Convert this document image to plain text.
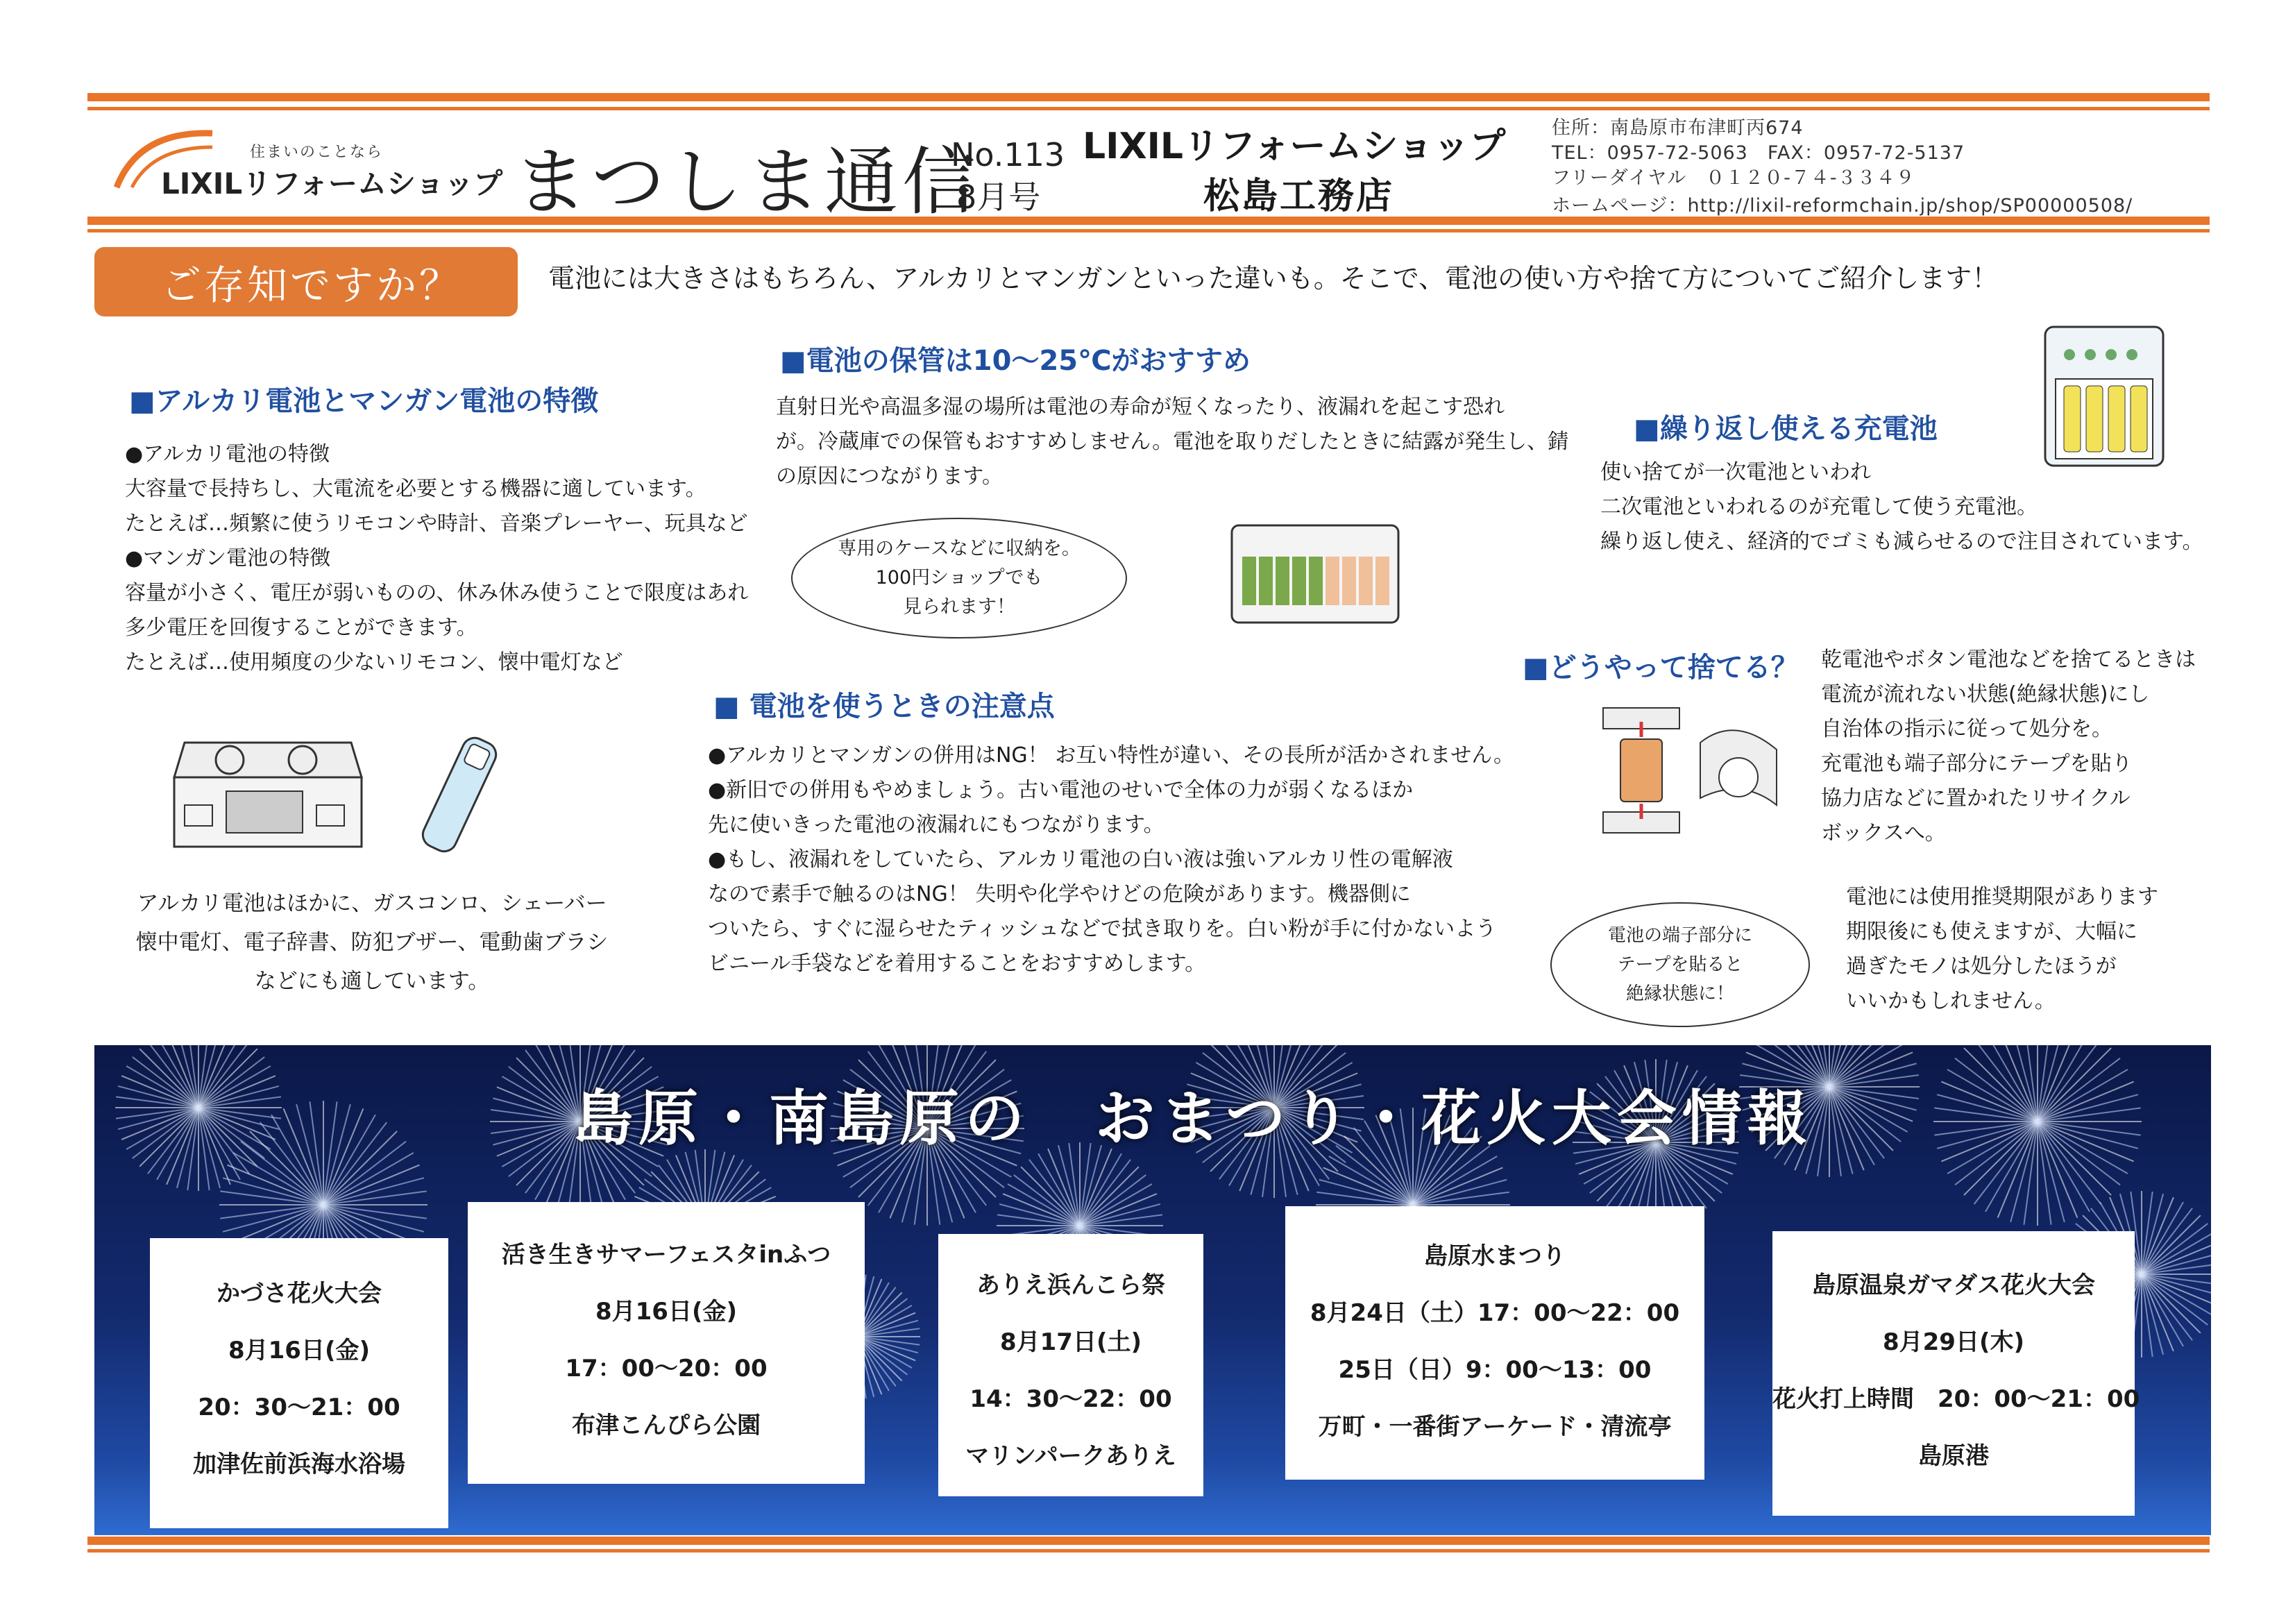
住まいのことなら
LIXILリフォームショップ まつしま通信
No.113
8月号
LIXILリフォームショップ
松島工務店
住所：南島原市布津町丙674
TEL：0957-72-5063　FAX：0957-72-5137
フリーダイヤル　０１２０-７４-３３４９
ホームページ：http://lixil-reformchain.jp/shop/SP00000508/
ご存知ですか？	電池には大きさはもちろん、アルカリとマンガンといった違いも。そこで、電池の使い方や捨て方についてご紹介します！
■アルカリ電池とマンガン電池の特徴
●アルカリ電池の特徴
大容量で長持ちし、大電流を必要とする機器に適しています。
たとえば…頻繁に使うリモコンや時計、音楽プレーヤー、玩具など
●マンガン電池の特徴
容量が小さく、電圧が弱いものの、休み休み使うことで限度はあれ
多少電圧を回復することができます。
たとえば…使用頻度の少ないリモコン、懐中電灯など
アルカリ電池はほかに、ガスコンロ、シェーバー
懐中電灯、電子辞書、防犯ブザー、電動歯ブラシ
などにも適しています。
■電池の保管は10～25℃がおすすめ
直射日光や高温多湿の場所は電池の寿命が短くなったり、液漏れを起こす恐れ
が。冷蔵庫での保管もおすすめしません。電池を取りだしたときに結露が発生し、錆
の原因につながります。
専用のケースなどに収納を。
100円ショップでも
見られます！
■ 電池を使うときの注意点
●アルカリとマンガンの併用はNG！ お互い特性が違い、その長所が活かされません。
●新旧での併用もやめましょう。古い電池のせいで全体の力が弱くなるほか
先に使いきった電池の液漏れにもつながります。
●もし、液漏れをしていたら、アルカリ電池の白い液は強いアルカリ性の電解液
なので素手で触るのはNG！ 失明や化学やけどの危険があります。機器側に
ついたら、すぐに湿らせたティッシュなどで拭き取りを。白い粉が手に付かないよう
ビニール手袋などを着用することをおすすめします。
■繰り返し使える充電池
使い捨てが一次電池といわれ
二次電池といわれるのが充電して使う充電池。
繰り返し使え、経済的でゴミも減らせるので注目されています。
■どうやって捨てる？ 乾電池やボタン電池などを捨てるときは
電流が流れない状態(絶縁状態)にし
自治体の指示に従って処分を。
充電池も端子部分にテープを貼り
協力店などに置かれたリサイクル
ボックスへ。
電池の端子部分に
テープを貼ると
絶縁状態に！
電池には使用推奨期限があります
期限後にも使えますが、大幅に
過ぎたモノは処分したほうが
いいかもしれません。
島原・南島原の　おまつり・花火大会情報
かづさ花火大会
8月16日(金)
20：30～21：00
加津佐前浜海水浴場
活き生きサマーフェスタinふつ
8月16日(金)
17：00～20：00
布津こんぴら公園
ありえ浜んこら祭
8月17日(土)
14：30～22：00
マリンパークありえ
島原水まつり
8月24日（土）17：00～22：00
25日（日）9：00～13：00
万町・一番街アーケード・清流亭
島原温泉ガマダス花火大会
8月29日(木)
花火打上時間　20：00～21：00
島原港
